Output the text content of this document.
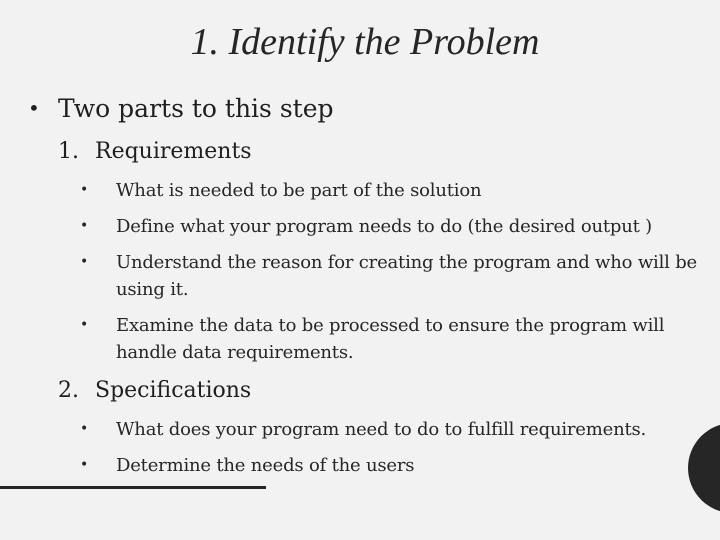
1. Identify the Problem
• Two parts to this step
1. Requirements
• What is needed to be part of the solution
• Define what your program needs to do (the desired output )
• Understand the reason for creating the program and who will be using it.
• Examine the data to be processed to ensure the program will handle data requirements.
2. Specifications
• What does your program need to do to fulfill requirements.
• Determine the needs of the users
